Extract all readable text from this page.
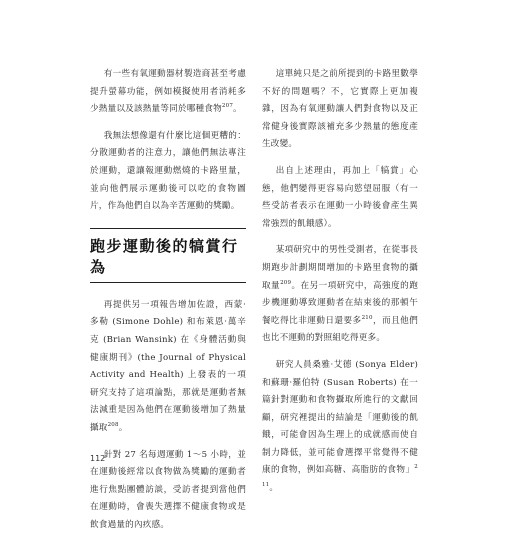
有一些有氧運動器材製造商甚至考慮提升螢幕功能，例如模擬使用者消耗多少熱量以及該熱量等同於哪種食物$^{207}$。

我無法想像還有什麼比這個更糟的：分散運動者的注意力，讓他們無法專注於運動，還讓報運動燃燒的卡路里量，並向他們展示運動後可以吃的食物圖片，作為他們自以為辛苦運動的獎勵。

跑步運動後的犒賞行為

再提供另一項報告增加佐證，西蒙·多勒 (Simone Dohle) 和布萊恩·萬辛克 (Brian Wansink) 在《身體活動與健康期刊》(the Journal of Physical Activity and Health) 上發表的一項研究支持了這項論點，那就是運動者無法減重是因為他們在運動後增加了熱量攝取$^{208}$。

針對 27 名每週運動 1～5 小時，並在運動後經常以食物做為獎勵的運動者進行焦點團體訪談，受訪者提到當他們在運動時，會喪失選擇不健康食物或是飲食過量的內疚感。

這單純只是之前所提到的卡路里數學不好的問題嗎？不，它實際上更加複雜，因為有氧運動讓人們對食物以及正常健身後實際該補充多少熱量的態度產生改變。

出自上述理由，再加上「犒賞」心態，他們變得更容易向慾望屈服（有一些受訪者表示在運動一小時後會產生異常強烈的飢餓感）。

某項研究中的男性受測者，在從事長期跑步計劃期間增加的卡路里食物的攝取量$^{209}$。在另一項研究中，高強度的跑步機運動導致運動者在結束後的那頓午餐吃得比非運動日還要多$^{210}$，而且他們也比不運動的對照組吃得更多。

研究人員桑雅·艾德 (Sonya Elder) 和蘇珊·羅伯特 (Susan Roberts) 在一篇針對運動和食物攝取所進行的文獻回顧，研究裡提出的結論是「運動後的飢餓，可能會因為生理上的成就感而使自制力降低，並可能會選擇平常覺得不健康的食物，例如高糖、高脂肪的食物」$^{211}$。

112
